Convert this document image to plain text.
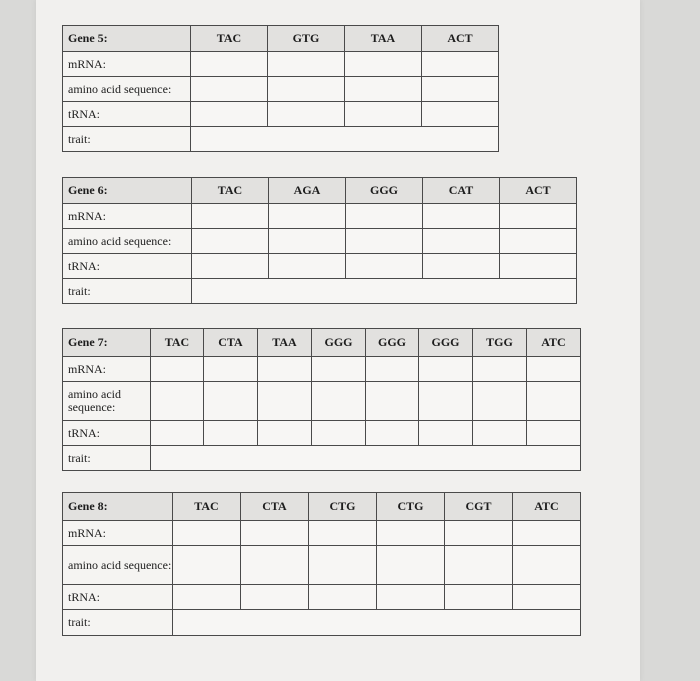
Gene 5:	TAC	GTG	TAA	ACT
mRNA:				
amino acid sequence:				
tRNA:				
trait:				
Gene 6:	TAC	AGA	GGG	CAT	ACT
mRNA:					
amino acid sequence:					
tRNA:					
trait:					
Gene 7:	TAC	CTA	TAA	GGG	GGG	GGG	TGG	ATC
mRNA:								
amino acid sequence:								
tRNA:								
trait:								
Gene 8:	TAC	CTA	CTG	CTG	CGT	ATC
mRNA:						
amino acid sequence:						
tRNA:						
trait:						
